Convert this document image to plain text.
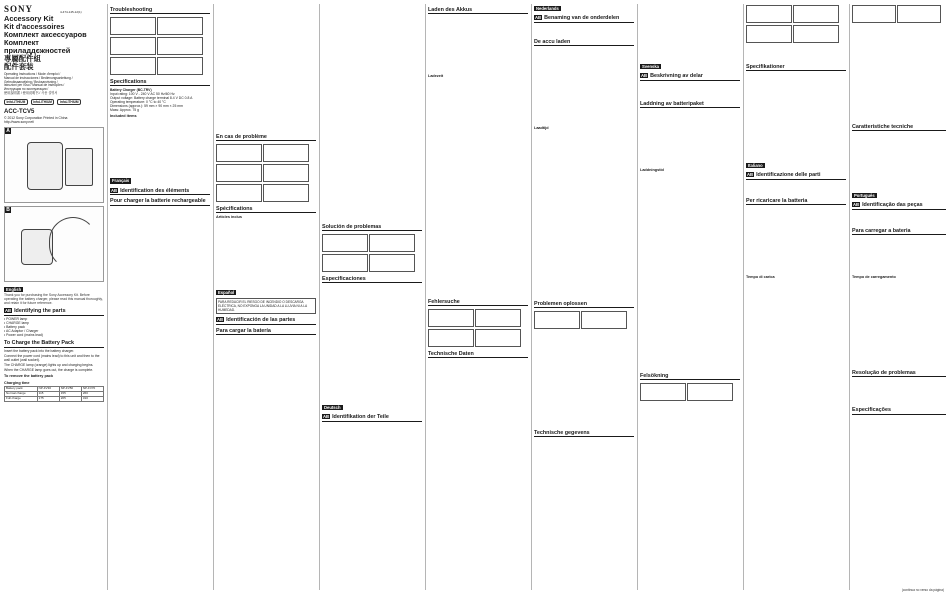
SONY	4-474-145-12(1)
Accessory Kit
Kit d'accessoires
Комплект аксессуаров
Комплект приладдєжностей
專屬配件組
配件套装
Operating Instructions / Mode d'emploi /
Manual de instrucciones / Bedienungsanleitung /
Gebruiksaanwijzing / Bruksanvisning /
Istruzioni per l'uso / Manual de instruções /
Инструкция по эксплуатации /
使用說明書 / 使用说明书 / 사용 설명서
InfoLITHIUM InfoLITHIUM InfoLITHIUM
ACC-TCV5
© 2012 Sony Corporation Printed in China
http://www.sony.net/
A
B
English

Thank you for purchasing the Sony Accessory Kit. Before operating the battery charger, please read this manual thoroughly, and retain it for future reference.

AB Identifying the parts
• POWER lamp
• CHARGE lamp
• Battery pack
• AC Adaptor / Charger
• Power cord (mains lead)
To Charge the Battery Pack

Insert the battery pack into the battery charger.

Connect the power cord (mains lead) to this unit and then to the wall outlet (wall socket).

The CHARGE lamp (orange) lights up and charging begins.

When the CHARGE lamp goes out, the charge is complete.

To remove the battery pack
Charging time
Battery pack	NP-FV30	NP-FV50	NP-FV70
Normal charge	115	155	260
Full charge	175	205	310
Troubleshooting

Specifications
Battery Charger (BC-TRV)
Input rating: 100 V - 240 V AC 50 Hz/60 Hz
Output voltage: Battery charge terminal 8.4 V DC 0.8 A
Operating temperature: 0 °C to 40 °C
Dimensions (approx.): 59 mm × 90 mm × 25 mm
Mass: Approx. 75 g
Included items
Français
AB Identification des éléments
Pour charger la batterie rechargeable
En cas de problème

Spécifications
Articles inclus
Español
PARA REDUCIR EL RIESGO DE INCENDIO O DESCARGA ELÉCTRICA, NO EXPONGA LA UNIDAD A LA LLUVIA NI A LA HUMEDAD.
AB Identificación de las partes
Para cargar la batería
Solución de problemas

Especificaciones
Deutsch
AB Identifikation der Teile
Laden des Akkus
Ladezeit
Fehlersuche

Technische Daten
Nederlands
AB Benaming van de onderdelen
De accu laden
Laadtijd
Problemen oplossen
Technische gegevens
Svenska
AB Beskrivning av delar
Laddning av batteripaket
Laddningstid
Felsökning

Specifikationer
Italiano
AB Identificazione delle parti
Per ricaricare la batteria
Tempo di carica
Caratteristiche tecniche
Português
AB Identificação das peças
Para carregar a bateria
Tempo de carregamento
Resolução de problemas
Especificações
(continua no verso da página)
